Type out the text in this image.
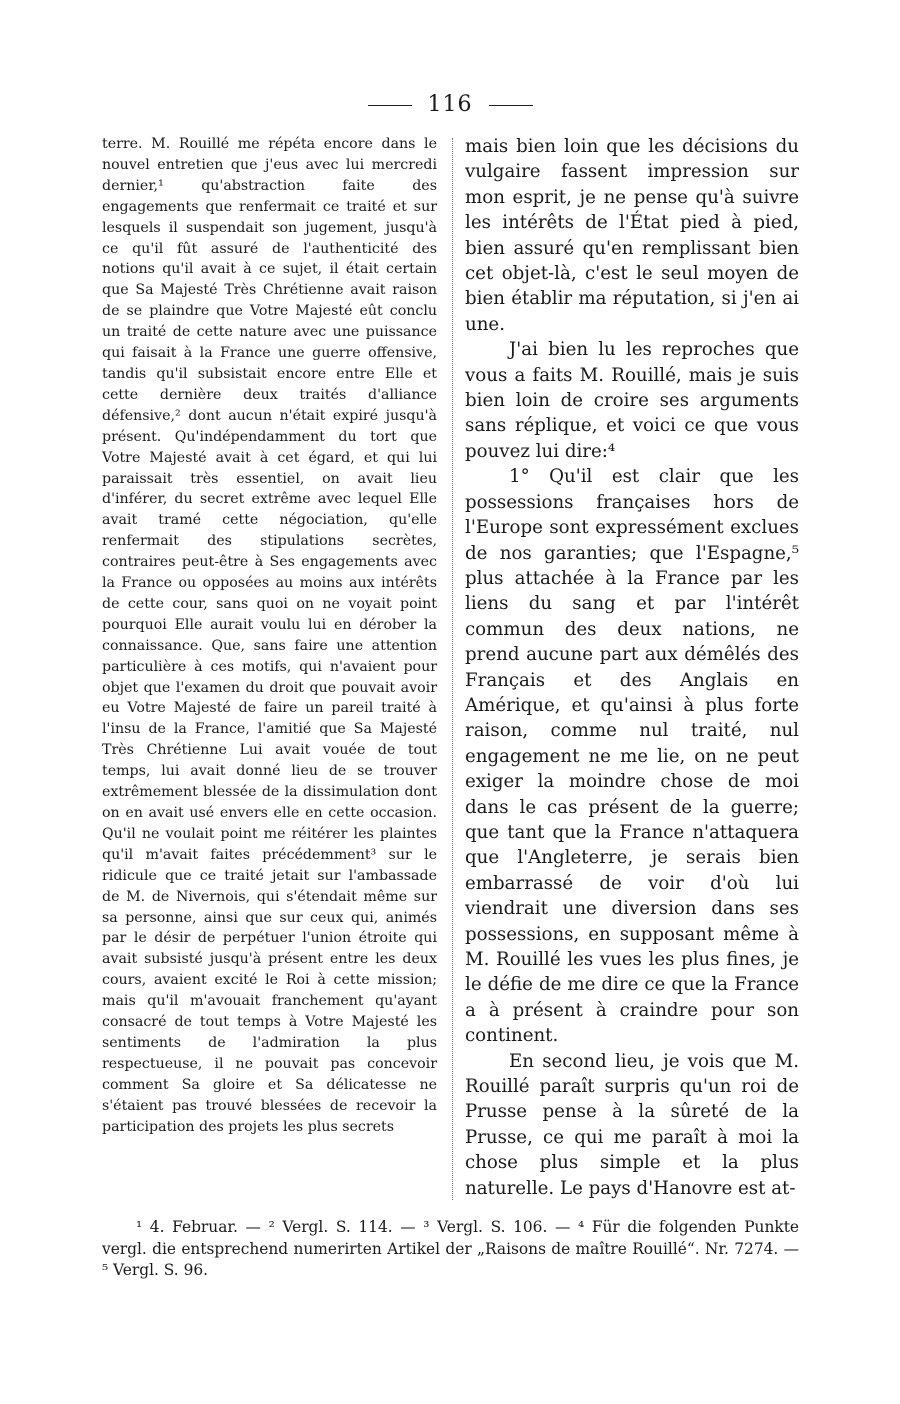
116

terre. M. Rouillé me répéta encore dans le nouvel entretien que j'eus avec lui mercredi dernier,¹ qu'abstraction faite des engagements que renfermait ce traité et sur lesquels il suspendait son jugement, jusqu'à ce qu'il fût assuré de l'authenticité des notions qu'il avait à ce sujet, il était certain que Sa Majesté Très Chrétienne avait raison de se plaindre que Votre Majesté eût conclu un traité de cette nature avec une puissance qui faisait à la France une guerre offensive, tandis qu'il subsistait encore entre Elle et cette dernière deux traités d'alliance défensive,² dont aucun n'était expiré jusqu'à présent. Qu'indépendamment du tort que Votre Majesté avait à cet égard, et qui lui paraissait très essentiel, on avait lieu d'inférer, du secret extrême avec lequel Elle avait tramé cette négociation, qu'elle renfermait des stipulations secrètes, contraires peut-être à Ses engagements avec la France ou opposées au moins aux intérêts de cette cour, sans quoi on ne voyait point pourquoi Elle aurait voulu lui en dérober la connaissance. Que, sans faire une attention particulière à ces motifs, qui n'avaient pour objet que l'examen du droit que pouvait avoir eu Votre Majesté de faire un pareil traité à l'insu de la France, l'amitié que Sa Majesté Très Chrétienne Lui avait vouée de tout temps, lui avait donné lieu de se trouver extrêmement blessée de la dissimulation dont on en avait usé envers elle en cette occasion. Qu'il ne voulait point me réitérer les plaintes qu'il m'avait faites précédemment³ sur le ridicule que ce traité jetait sur l'ambassade de M. de Nivernois, qui s'étendait même sur sa personne, ainsi que sur ceux qui, animés par le désir de perpétuer l'union étroite qui avait subsisté jusqu'à présent entre les deux cours, avaient excité le Roi à cette mission; mais qu'il m'avouait franchement qu'ayant consacré de tout temps à Votre Majesté les sentiments de l'admiration la plus respectueuse, il ne pouvait pas concevoir comment Sa gloire et Sa délicatesse ne s'étaient pas trouvé blessées de recevoir la participation des projets les plus secrets

mais bien loin que les décisions du vulgaire fassent impression sur mon esprit, je ne pense qu'à suivre les intérêts de l'État pied à pied, bien assuré qu'en remplissant bien cet objet-là, c'est le seul moyen de bien établir ma réputation, si j'en ai une.

J'ai bien lu les reproches que vous a faits M. Rouillé, mais je suis bien loin de croire ses arguments sans réplique, et voici ce que vous pouvez lui dire:⁴

1° Qu'il est clair que les possessions françaises hors de l'Europe sont expressément exclues de nos garanties; que l'Espagne,⁵ plus attachée à la France par les liens du sang et par l'intérêt commun des deux nations, ne prend aucune part aux démêlés des Français et des Anglais en Amérique, et qu'ainsi à plus forte raison, comme nul traité, nul engagement ne me lie, on ne peut exiger la moindre chose de moi dans le cas présent de la guerre; que tant que la France n'attaquera que l'Angleterre, je serais bien embarrassé de voir d'où lui viendrait une diversion dans ses possessions, en supposant même à M. Rouillé les vues les plus fines, je le défie de me dire ce que la France a à présent à craindre pour son continent.

En second lieu, je vois que M. Rouillé paraît surpris qu'un roi de Prusse pense à la sûreté de la Prusse, ce qui me paraît à moi la chose plus simple et la plus naturelle. Le pays d'Hanovre est at-

¹ 4. Februar. — ² Vergl. S. 114. — ³ Vergl. S. 106. — ⁴ Für die folgenden Punkte vergl. die entsprechend numerirten Artikel der „Raisons de maître Rouillé“. Nr. 7274. — ⁵ Vergl. S. 96.
